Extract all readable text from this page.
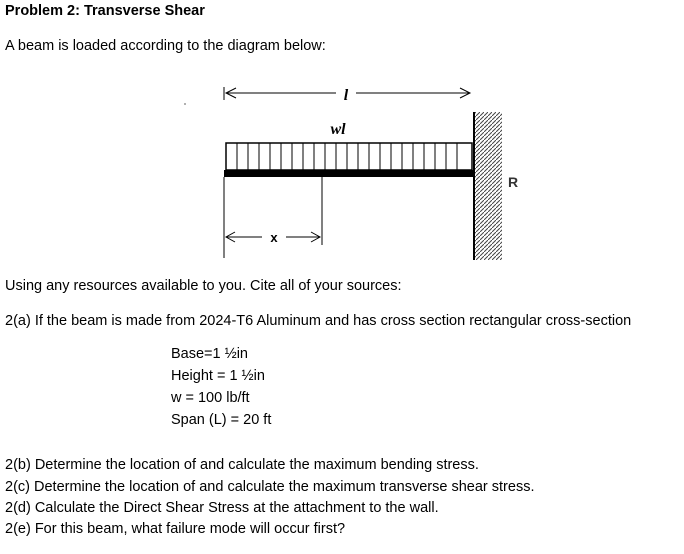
Problem 2: Transverse Shear
A beam is loaded according to the diagram below:
l
wl
R
x
Using any resources available to you. Cite all of your sources:
2(a) If the beam is made from 2024-T6 Aluminum and has cross section rectangular cross-section
Base=1 ½in
Height = 1 ½in
w = 100 lb/ft
Span (L) = 20 ft
2(b) Determine the location of and calculate the maximum bending stress.
2(c) Determine the location of and calculate the maximum transverse shear stress.
2(d) Calculate the Direct Shear Stress at the attachment to the wall.
2(e) For this beam, what failure mode will occur first?
